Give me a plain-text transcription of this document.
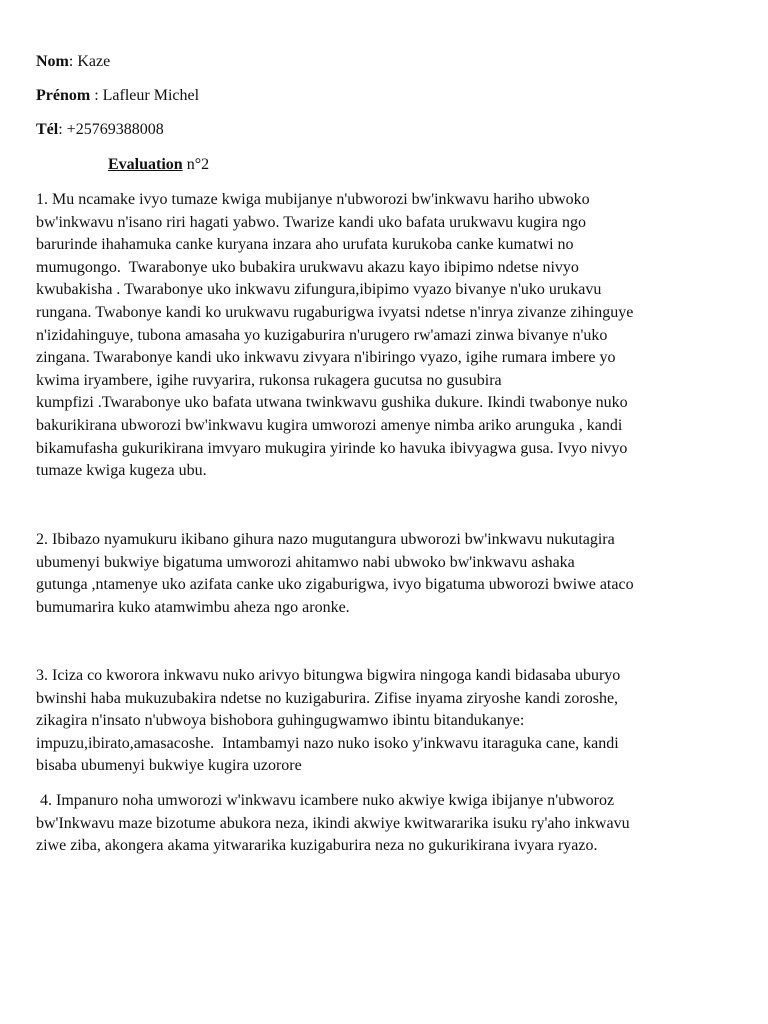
Nom: Kaze
Prénom : Lafleur Michel
Tél: +25769388008
Evaluation n°2

1. Mu ncamake ivyo tumaze kwiga mubijanye n'ubworozi bw'inkwavu hariho ubwoko
bw'inkwavu n'isano riri hagati yabwo. Twarize kandi uko bafata urukwavu kugira ngo
barurinde ihahamuka canke kuryana inzara aho urufata kurukoba canke kumatwi no
mumugongo.  Twarabonye uko bubakira urukwavu akazu kayo ibipimo ndetse nivyo
kwubakisha . Twarabonye uko inkwavu zifungura,ibipimo vyazo bivanye n'uko urukavu
rungana. Twabonye kandi ko urukwavu rugaburigwa ivyatsi ndetse n'inrya zivanze zihinguye
n'izidahinguye, tubona amasaha yo kuzigaburira n'urugero rw'amazi zinwa bivanye n'uko
zingana. Twarabonye kandi uko inkwavu zivyara n'ibiringo vyazo, igihe rumara imbere yo
kwima iryambere, igihe ruvyarira, rukonsa rukagera gucutsa no gusubira
kumpfizi .Twarabonye uko bafata utwana twinkwavu gushika dukure. Ikindi twabonye nuko
bakurikirana ubworozi bw'inkwavu kugira umworozi amenye nimba ariko arunguka , kandi
bikamufasha gukurikirana imvyaro mukugira yirinde ko havuka ibivyagwa gusa. Ivyo nivyo
tumaze kwiga kugeza ubu.

2. Ibibazo nyamukuru ikibano gihura nazo mugutangura ubworozi bw'inkwavu nukutagira
ubumenyi bukwiye bigatuma umworozi ahitamwo nabi ubwoko bw'inkwavu ashaka
gutunga ,ntamenye uko azifata canke uko zigaburigwa, ivyo bigatuma ubworozi bwiwe ataco
bumumarira kuko atamwimbu aheza ngo aronke.

3. Iciza co kworora inkwavu nuko arivyo bitungwa bigwira ningoga kandi bidasaba uburyo
bwinshi haba mukuzubakira ndetse no kuzigaburira. Zifise inyama ziryoshe kandi zoroshe,
zikagira n'insato n'ubwoya bishobora guhingugwamwo ibintu bitandukanye:
impuzu,ibirato,amasacoshe.  Intambamyi nazo nuko isoko y'inkwavu itaraguka cane, kandi
bisaba ubumenyi bukwiye kugira uzorore

4. Impanuro noha umworozi w'inkwavu icambere nuko akwiye kwiga ibijanye n'ubworoz
bw'Inkwavu maze bizotume abukora neza, ikindi akwiye kwitwararika isuku ry'aho inkwavu
ziwe ziba, akongera akama yitwararika kuzigaburira neza no gukurikirana ivyara ryazo.
